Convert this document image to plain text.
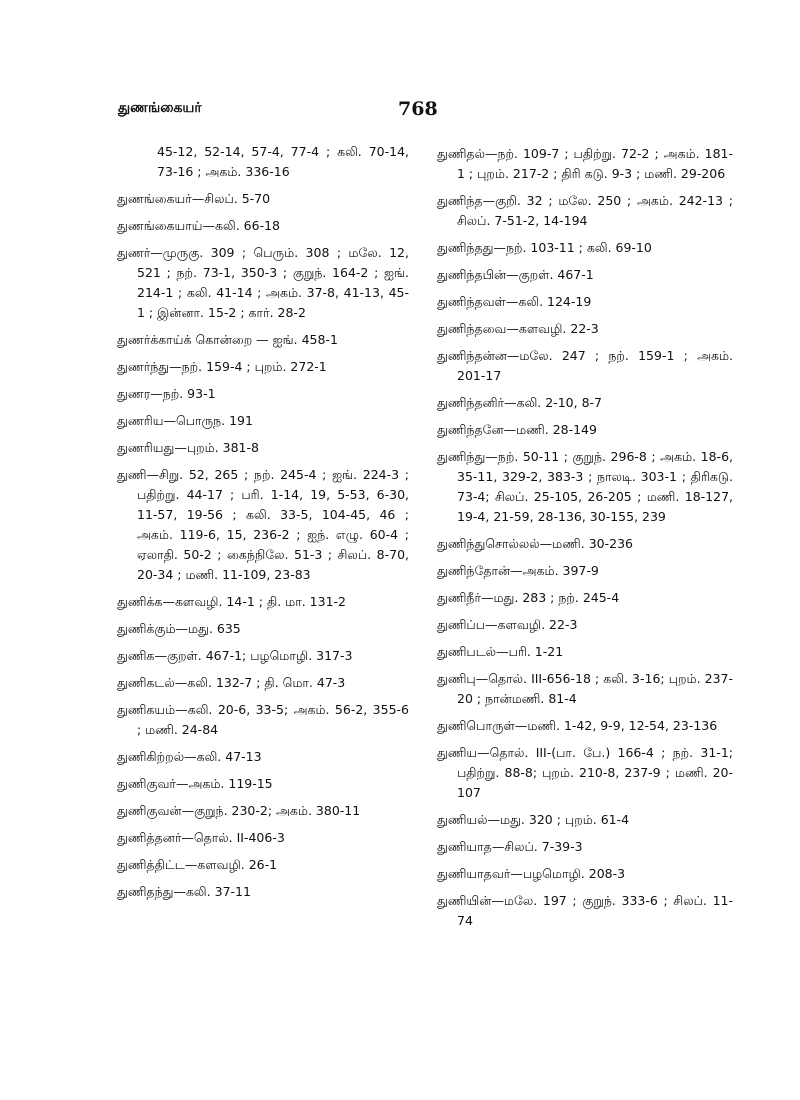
துணங்கையர்	768
45-12, 52-14, 57-4, 77-4 ; கலி. 70-14, 73-16 ; அகம். 336-16
துணங்கையர்—சிலப். 5-70
துணங்கையாய்—கலி. 66-18
துணர்—முருகு. 309 ; பெரும். 308 ; மலே. 12, 521 ; நற். 73-1, 350-3 ; குறுந். 164-2 ; ஐங். 214-1 ; கலி. 41-14 ; அகம். 37-8, 41-13, 45-1 ; இன்னா. 15-2 ; கார். 28-2
துணர்க்காய்க் கொன்றை — ஐங். 458-1
துணர்ந்து—நற். 159-4 ; புறம். 272-1
துணர—நற். 93-1
துணரிய—பொருந. 191
துணரியது—புறம். 381-8
துணி—சிறு. 52, 265 ; நற். 245-4 ; ஐங். 224-3 ; பதிற்று. 44-17 ; பரி. 1-14, 19, 5-53, 6-30, 11-57, 19-56 ; கலி. 33-5, 104-45, 46 ; அகம். 119-6, 15, 236-2 ; ஐந். எழு. 60-4 ; ஏலாதி. 50-2 ; கைந்நிலே. 51-3 ; சிலப். 8-70, 20-34 ; மணி. 11-109, 23-83
துணிக்க—களவழி. 14-1 ; தி. மா. 131-2
துணிக்கும்—மது. 635
துணிக—குறள். 467-1; பழமொழி. 317-3
துணிகடல்—கலி. 132-7 ; தி. மொ. 47-3
துணிகயம்—கலி. 20-6, 33-5; அகம். 56-2, 355-6 ; மணி. 24-84
துணிகிற்றல்—கலி. 47-13
துணிகுவர்—அகம். 119-15
துணிகுவன்—குறுந். 230-2; அகம். 380-11
துணித்தனர்—தொல். II-406-3
துணித்திட்ட—களவழி. 26-1
துணிதந்து—கலி. 37-11
துணிதல்—நற். 109-7 ; பதிற்று. 72-2 ; அகம். 181-1 ; புறம். 217-2 ; திரி கடு. 9-3 ; மணி. 29-206
துணிந்த—குறி. 32 ; மலே. 250 ; அகம். 242-13 ; சிலப். 7-51-2, 14-194
துணிந்தது—நற். 103-11 ; கலி. 69-10
துணிந்தபின்—குறள். 467-1
துணிந்தவள்—கலி. 124-19
துணிந்தவை—களவழி. 22-3
துணிந்தன்ன—மலே. 247 ; நற். 159-1 ; அகம். 201-17
துணிந்தனிர்—கலி. 2-10, 8-7
துணிந்தனே—மணி. 28-149
துணிந்து—நற். 50-11 ; குறுந். 296-8 ; அகம். 18-6, 35-11, 329-2, 383-3 ; நாலடி. 303-1 ; திரிகடு. 73-4; சிலப். 25-105, 26-205 ; மணி. 18-127, 19-4, 21-59, 28-136, 30-155, 239
துணிந்துசொல்லல்—மணி. 30-236
துணிந்தோன்—அகம். 397-9
துணிநீர்—மது. 283 ; நற். 245-4
துணிப்ப—களவழி. 22-3
துணிபடல்—பரி. 1-21
துணிபு—தொல். III-656-18 ; கலி. 3-16; புறம். 237-20 ; நான்மணி. 81-4
துணிபொருள்—மணி. 1-42, 9-9, 12-54, 23-136
துணிய—தொல். III-(பா. பே.) 166-4 ; நற். 31-1; பதிற்று. 88-8; புறம். 210-8, 237-9 ; மணி. 20-107
துணியல்—மது. 320 ; புறம். 61-4
துணியாத—சிலப். 7-39-3
துணியாதவர்—பழமொழி. 208-3
துணியின்—மலே. 197 ; குறுந். 333-6 ; சிலப். 11-74
